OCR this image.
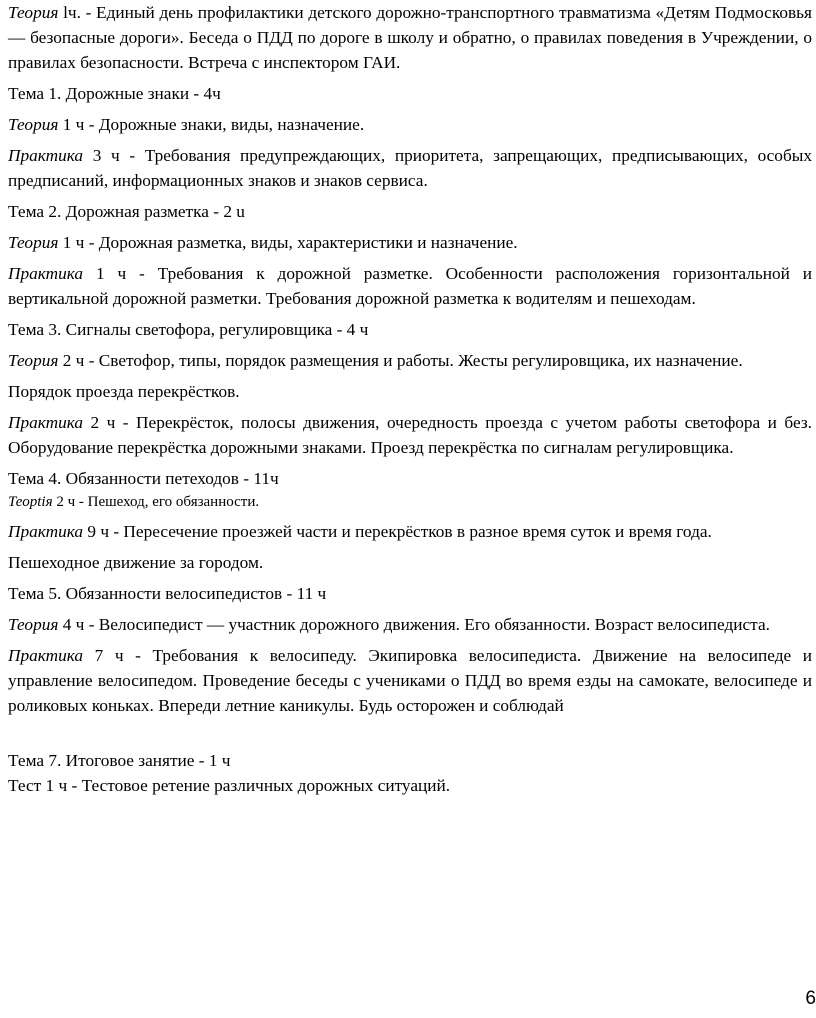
Теория lч. - Единый день профилактики детского дорожно-транспортного травматизма «Детям Подмосковья — безопасные дороги». Беседа о ПДД по дороге в школу и обратно, о правилах поведения в Учреждении, о правилах безопасности. Встреча с инспектором ГАИ.

Тема 1. Дорожные знаки - 4ч

Теория 1 ч - Дорожные знаки, виды, назначение.

Практика 3 ч - Требования предупреждающих, приоритета, запрещающих, предписывающих, особых предписаний, информационных знаков и знаков сервиса.

Тема 2. Дорожная разметка - 2 u

Теория 1 ч - Дорожная разметка, виды, характеристики и назначение.

Практика 1 ч - Требования к дорожной разметке. Особенности расположения горизонтальной и вертикальной дорожной разметки. Требования дорожной разметка к водителям и пешеходам.

Тема 3. Сигналы светофора, регулировщика - 4 ч

Теория 2 ч - Светофор, типы, порядок размещения и работы. Жесты регулировщика, их назначение.

Порядок проезда перекрёстков.

Практика 2 ч - Перекрёсток, полосы движения, очередность проезда с учетом работы светофора и без. Оборудование перекрёстка дорожными знаками. Проезд перекрёстка по сигналам регулировщика.

Тема 4. Обязанности петеходов - 11ч

Теорtія 2 ч - Пешеход, его обязанности.

Практика 9 ч - Пересечение проезжей части и перекрёстков в разное время суток и время года.

Пешеходное движение за городом.

Тема 5. Обязанности велосипедистов - 11 ч

Теория 4 ч - Велосипедист — участник дорожного движения. Его обязанности. Возраст велосипедиста.

Практика 7 ч - Требования к велосипеду. Экипировка велосипедиста. Движение на велосипеде и управление велосипедом. Проведение беседы с учениками о ПДД во время езды на самокате, велосипеде и роликовых коньках. Впереди летние каникулы. Будь осторожен и соблюдай

Тема 7. Итоговое занятие - 1 ч

Тест 1 ч - Тестовое ретение различных дорожных ситуаций.

6
